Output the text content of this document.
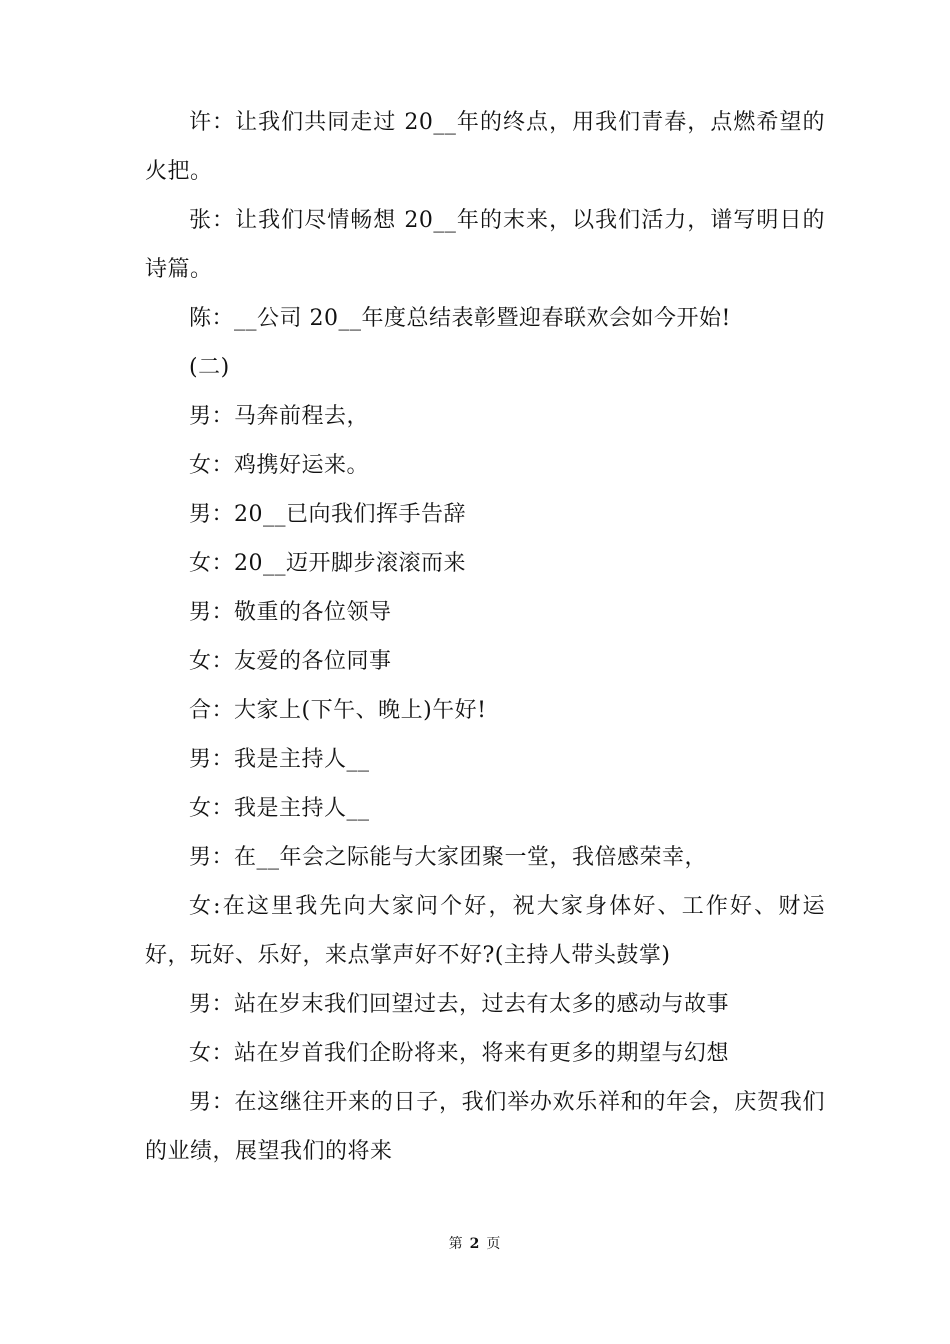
许：让我们共同走过 20__年的终点，用我们青春，点燃希望的火把。

张：让我们尽情畅想 20__年的末来，以我们活力，谱写明日的诗篇。

陈：__公司 20__年度总结表彰暨迎春联欢会如今开始!

(二)

男：马奔前程去，

女：鸡携好运来。

男：20__已向我们挥手告辞

女：20__迈开脚步滚滚而来

男：敬重的各位领导

女：友爱的各位同事

合：大家上(下午、晚上)午好!

男：我是主持人__

女：我是主持人__

男：在__年会之际能与大家团聚一堂，我倍感荣幸，

女:在这里我先向大家问个好，祝大家身体好、工作好、财运好，玩好、乐好，来点掌声好不好?(主持人带头鼓掌)

男：站在岁末我们回望过去，过去有太多的感动与故事

女：站在岁首我们企盼将来，将来有更多的期望与幻想

男：在这继往开来的日子，我们举办欢乐祥和的年会，庆贺我们的业绩，展望我们的将来

第 2 页
